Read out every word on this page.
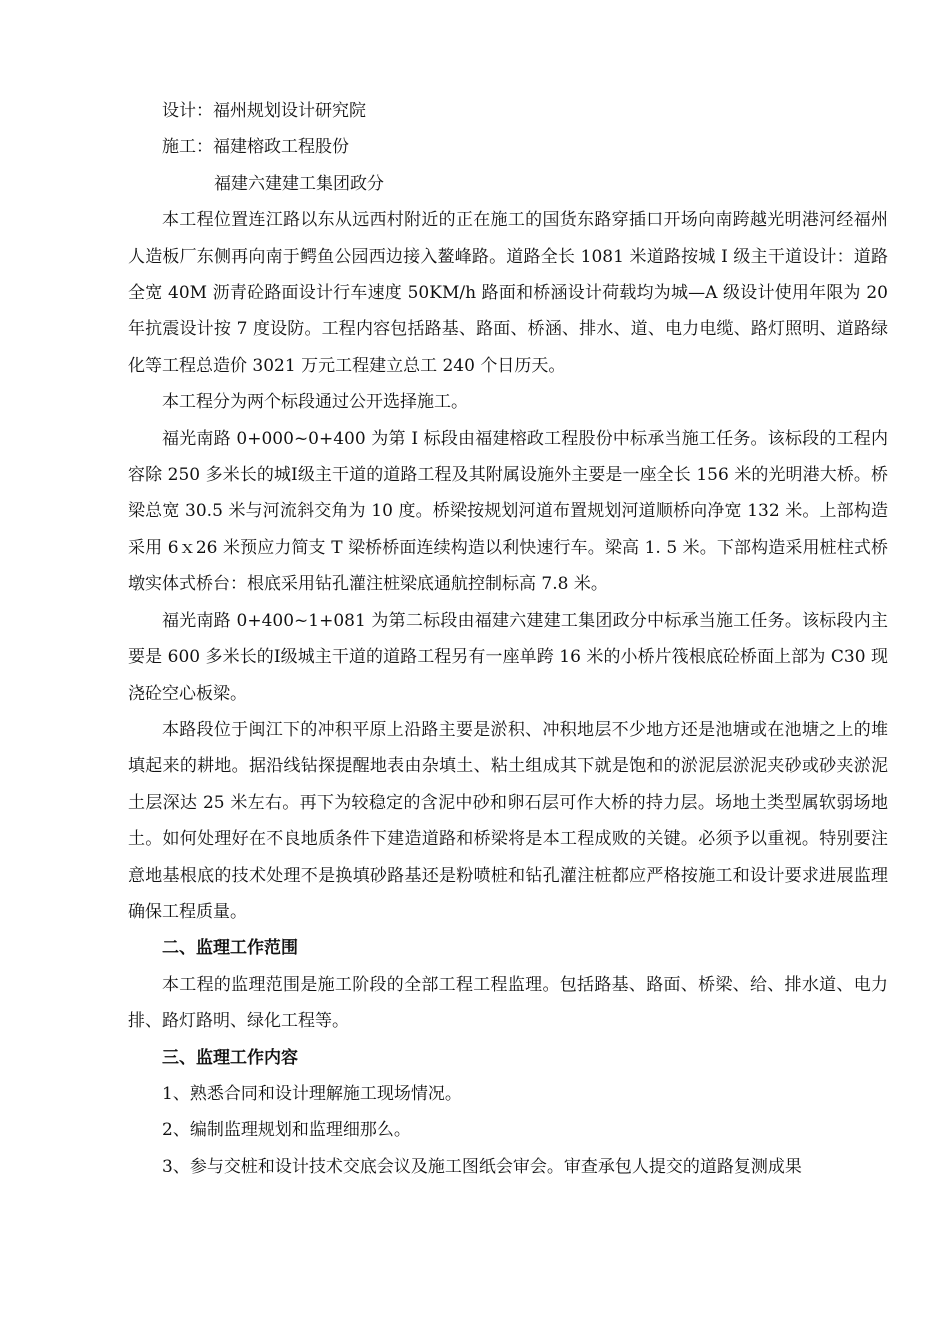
设计：福州规划设计研究院
施工：福建榕政工程股份
福建六建建工集团政分
本工程位置连江路以东从远西村附近的正在施工的国货东路穿插口开场向南跨越光明港河经福州人造板厂东侧再向南于鳄鱼公园西边接入鳌峰路。道路全长 1081 米道路按城 I 级主干道设计：道路全宽 40M 沥青砼路面设计行车速度 50KM/h 路面和桥涵设计荷载均为城—A 级设计使用年限为 20 年抗震设计按 7 度设防。工程内容包括路基、路面、桥涵、排水、道、电力电缆、路灯照明、道路绿化等工程总造价 3021 万元工程建立总工 240 个日历天。
本工程分为两个标段通过公开选择施工。
福光南路 0+000~0+400 为第 I 标段由福建榕政工程股份中标承当施工任务。该标段的工程内容除 250 多米长的城Ⅰ级主干道的道路工程及其附属设施外主要是一座全长 156 米的光明港大桥。桥梁总宽 30.5 米与河流斜交角为 10 度。桥梁按规划河道布置规划河道顺桥向净宽 132 米。上部构造采用 6ｘ26 米预应力简支 T 梁桥桥面连续构造以利快速行车。梁高 1. 5 米。下部构造采用桩柱式桥墩实体式桥台：根底采用钻孔灌注桩梁底通航控制标高 7.8 米。
福光南路 0+400~1+081 为第二标段由福建六建建工集团政分中标承当施工任务。该标段内主要是 600 多米长的Ⅰ级城主干道的道路工程另有一座单跨 16 米的小桥片筏根底砼桥面上部为 C30 现浇砼空心板梁。
本路段位于闽江下的冲积平原上沿路主要是淤积、冲积地层不少地方还是池塘或在池塘之上的堆填起来的耕地。据沿线钻探提醒地表由杂填土、粘土组成其下就是饱和的淤泥层淤泥夹砂或砂夹淤泥土层深达 25 米左右。再下为较稳定的含泥中砂和卵石层可作大桥的持力层。场地土类型属软弱场地土。如何处理好在不良地质条件下建造道路和桥梁将是本工程成败的关键。必须予以重视。特别要注意地基根底的技术处理不是换填砂路基还是粉喷桩和钻孔灌注桩都应严格按施工和设计要求进展监理确保工程质量。
二、监理工作范围
本工程的监理范围是施工阶段的全部工程工程监理。包括路基、路面、桥梁、给、排水道、电力排、路灯路明、绿化工程等。
三、监理工作内容
1、熟悉合同和设计理解施工现场情况。
2、编制监理规划和监理细那么。
3、参与交桩和设计技术交底会议及施工图纸会审会。审查承包人提交的道路复测成果
